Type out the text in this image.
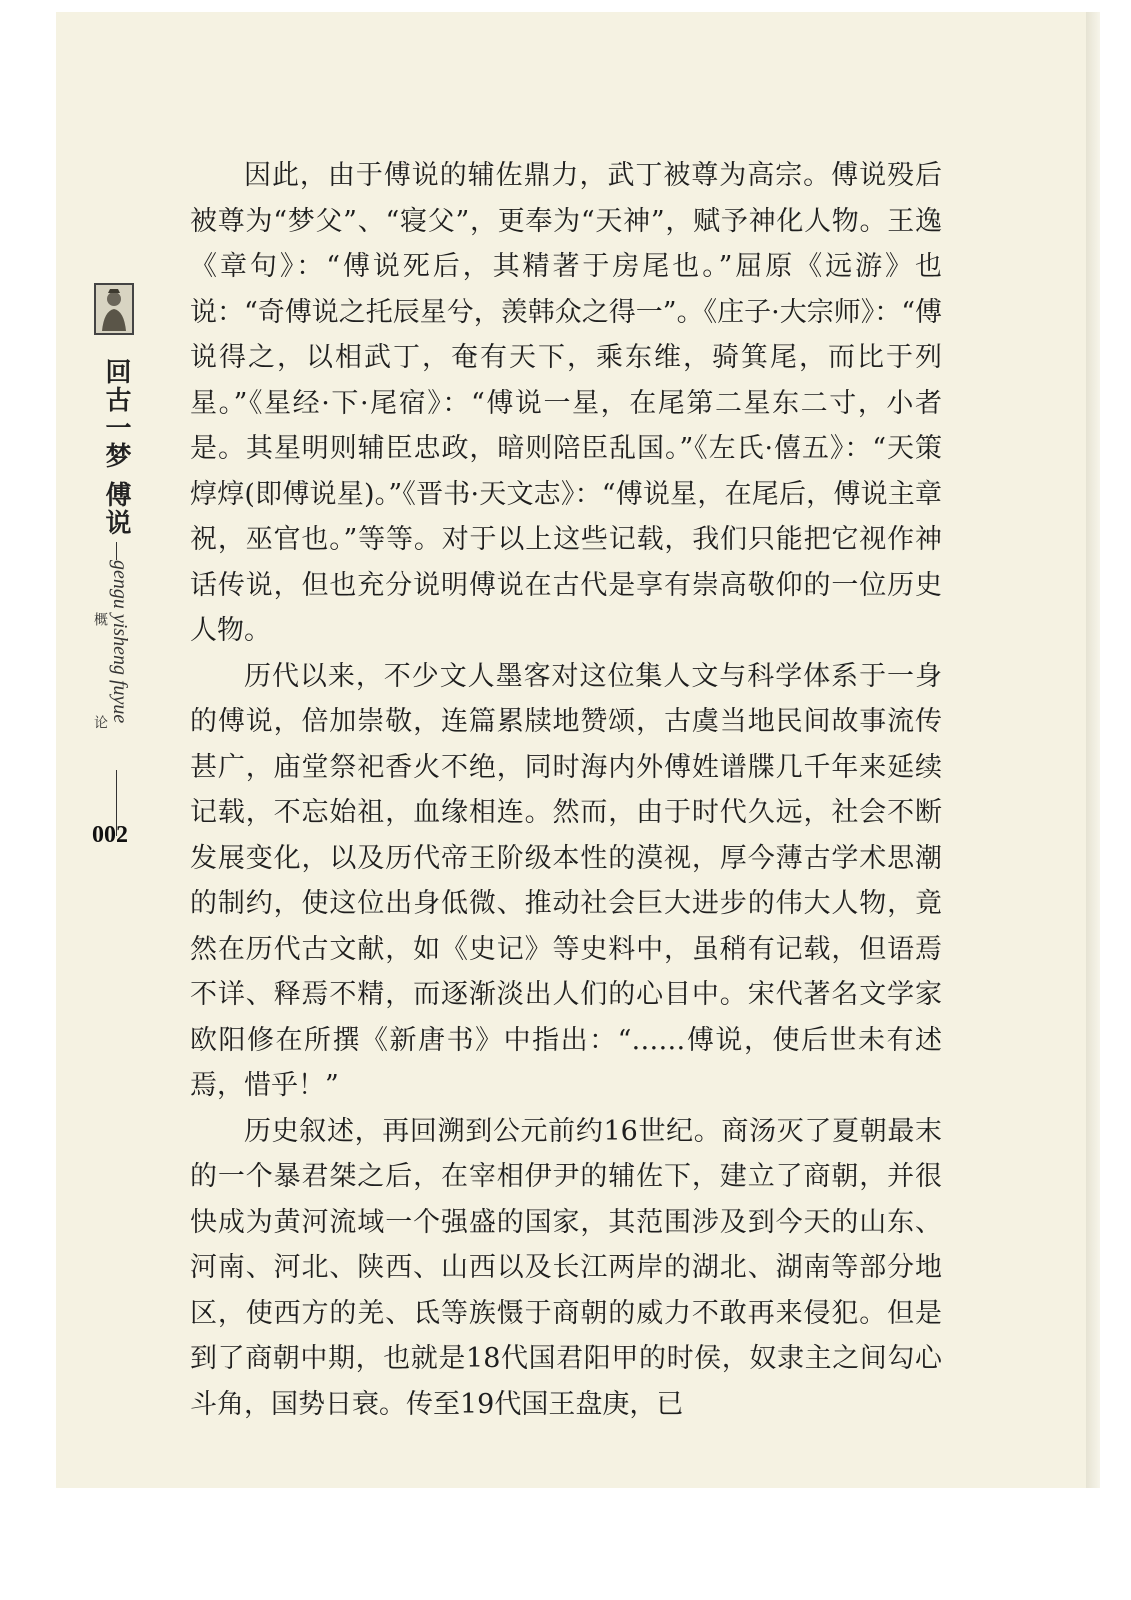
回古一梦 傅说
gengu yisheng fuyue
概
论
002

因此，由于傅说的辅佐鼎力，武丁被尊为高宗。傅说殁后被尊为“梦父”、“寝父”，更奉为“天神”，赋予神化人物。王逸《章句》：“傅说死后，其精著于房尾也。”屈原《远游》也说：“奇傅说之托辰星兮，羡韩众之得一”。《庄子·大宗师》：“傅说得之，以相武丁，奄有天下，乘东维，骑箕尾，而比于列星。”《星经·下·尾宿》：“傅说一星，在尾第二星东二寸，小者是。其星明则辅臣忠政，暗则陪臣乱国。”《左氏·僖五》：“天策 焞焞(即傅说星)。”《晋书·天文志》：“傅说星，在尾后，傅说主章祝，巫官也。”等等。对于以上这些记载，我们只能把它视作神话传说，但也充分说明傅说在古代是享有崇高敬仰的一位历史人物。

历代以来，不少文人墨客对这位集人文与科学体系于一身的傅说，倍加崇敬，连篇累牍地赞颂，古虞当地民间故事流传甚广，庙堂祭祀香火不绝，同时海内外傅姓谱牒几千年来延续记载，不忘始祖，血缘相连。然而，由于时代久远，社会不断发展变化，以及历代帝王阶级本性的漠视，厚今薄古学术思潮的制约，使这位出身低微、推动社会巨大进步的伟大人物，竟然在历代古文献，如《史记》等史料中，虽稍有记载，但语焉不详、释焉不精，而逐渐淡出人们的心目中。宋代著名文学家欧阳修在所撰《新唐书》中指出：“……傅说，使后世未有述焉，惜乎！”

历史叙述，再回溯到公元前约16世纪。商汤灭了夏朝最末的一个暴君桀之后，在宰相伊尹的辅佐下，建立了商朝，并很快成为黄河流域一个强盛的国家，其范围涉及到今天的山东、河南、河北、陕西、山西以及长江两岸的湖北、湖南等部分地区，使西方的羌、氐等族慑于商朝的威力不敢再来侵犯。但是到了商朝中期，也就是18代国君阳甲的时侯，奴隶主之间勾心斗角，国势日衰。传至19代国王盘庚，已
